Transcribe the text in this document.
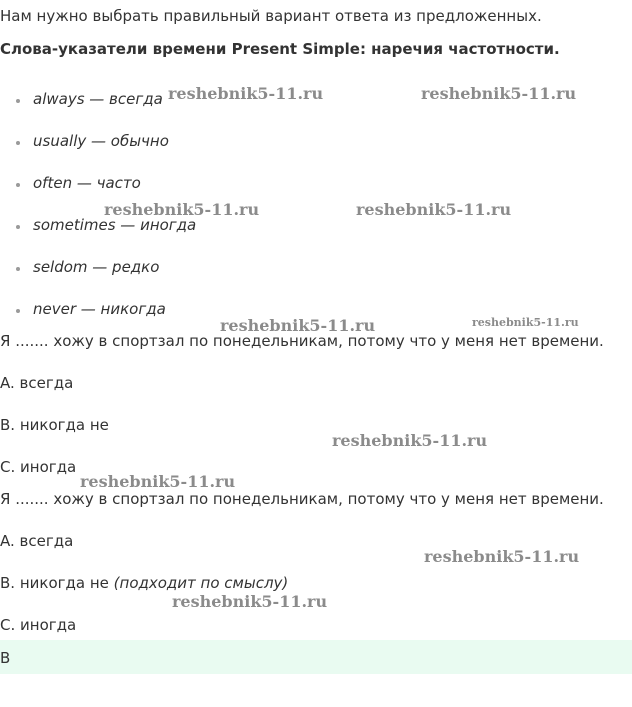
Нам нужно выбрать правильный вариант ответа из предложенных.
Слова-указатели времени Present Simple: наречия частотности.
always — всегда
usually — обычно
often — часто
sometimes — иногда
seldom — редко
never — никогда
Я ....... хожу в спортзал по понедельникам, потому что у меня нет времени.
A. всегда
B. никогда не
C. иногда
Я ....... хожу в спортзал по понедельникам, потому что у меня нет времени.
A. всегда
B. никогда не (подходит по смыслу)
C. иногда
B
reshebnik5-11.ru	reshebnik5-11.ru
reshebnik5-11.ru	reshebnik5-11.ru
reshebnik5-11.ru	reshebnik5-11.ru
reshebnik5-11.ru
reshebnik5-11.ru
reshebnik5-11.ru
reshebnik5-11.ru
